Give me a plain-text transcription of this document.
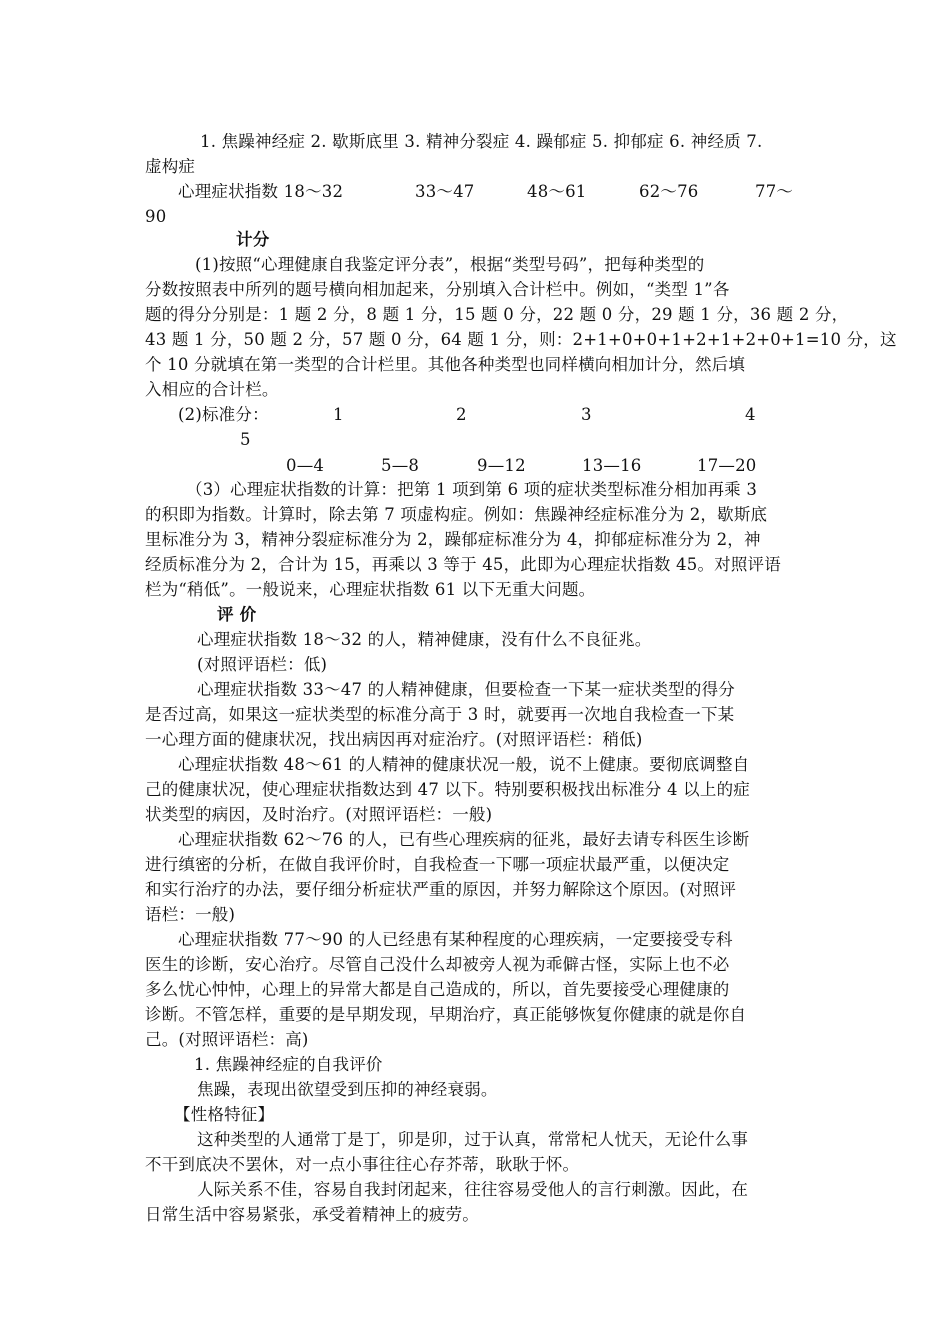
1. 焦躁神经症 2. 歇斯底里 3. 精神分裂症 4. 躁郁症 5. 抑郁症 6. 神经质 7.
虚构症
心理症状指数 18～32	33～47	48～61	62～76	77～
90
计分
(1)按照“心理健康自我鉴定评分表”，根据“类型号码”，把每种类型的
分数按照表中所列的题号横向相加起来，分别填入合计栏中。例如，“类型 1”各
题的得分分别是：1 题 2 分，8 题 1 分，15 题 0 分，22 题 0 分，29 题 1 分，36 题 2 分，
43 题 1 分，50 题 2 分，57 题 0 分，64 题 1 分，则：2+1+0+0+1+2+1+2+0+1=10 分，这
个 10 分就填在第一类型的合计栏里。其他各种类型也同样横向相加计分，然后填
入相应的合计栏。
(2)标准分：	1	2	3	4
5
0—4	5—8	9—12	13—16	17—20
（3）心理症状指数的计算：把第 1 项到第 6 项的症状类型标准分相加再乘 3
的积即为指数。计算时，除去第 7 项虚构症。例如：焦躁神经症标准分为 2，歇斯底
里标准分为 3，精神分裂症标准分为 2，躁郁症标准分为 4，抑郁症标准分为 2，神
经质标准分为 2，合计为 15，再乘以 3 等于 45，此即为心理症状指数 45。对照评语
栏为“稍低”。一般说来，心理症状指数 61 以下无重大问题。
评 价
心理症状指数 18～32 的人，精神健康，没有什么不良征兆。
(对照评语栏：低)
心理症状指数 33～47 的人精神健康，但要检查一下某一症状类型的得分
是否过高，如果这一症状类型的标准分高于 3 时，就要再一次地自我检查一下某
一心理方面的健康状况，找出病因再对症治疗。(对照评语栏：稍低)
心理症状指数 48～61 的人精神的健康状况一般，说不上健康。要彻底调整自
己的健康状况，使心理症状指数达到 47 以下。特别要积极找出标准分 4 以上的症
状类型的病因，及时治疗。(对照评语栏：一般)
心理症状指数 62～76 的人，已有些心理疾病的征兆，最好去请专科医生诊断
进行缜密的分析，在做自我评价时，自我检查一下哪一项症状最严重，以便决定
和实行治疗的办法，要仔细分析症状严重的原因，并努力解除这个原因。(对照评
语栏：一般)
心理症状指数 77～90 的人已经患有某种程度的心理疾病，一定要接受专科
医生的诊断，安心治疗。尽管自己没什么却被旁人视为乖僻古怪，实际上也不必
多么忧心忡忡，心理上的异常大都是自己造成的，所以，首先要接受心理健康的
诊断。不管怎样，重要的是早期发现，早期治疗，真正能够恢复你健康的就是你自
己。(对照评语栏：高)
1. 焦躁神经症的自我评价
焦躁，表现出欲望受到压抑的神经衰弱。
【性格特征】
这种类型的人通常丁是丁，卯是卯，过于认真，常常杞人忧天，无论什么事
不干到底决不罢休，对一点小事往往心存芥蒂，耿耿于怀。
人际关系不佳，容易自我封闭起来，往往容易受他人的言行刺激。因此，在
日常生活中容易紧张，承受着精神上的疲劳。
